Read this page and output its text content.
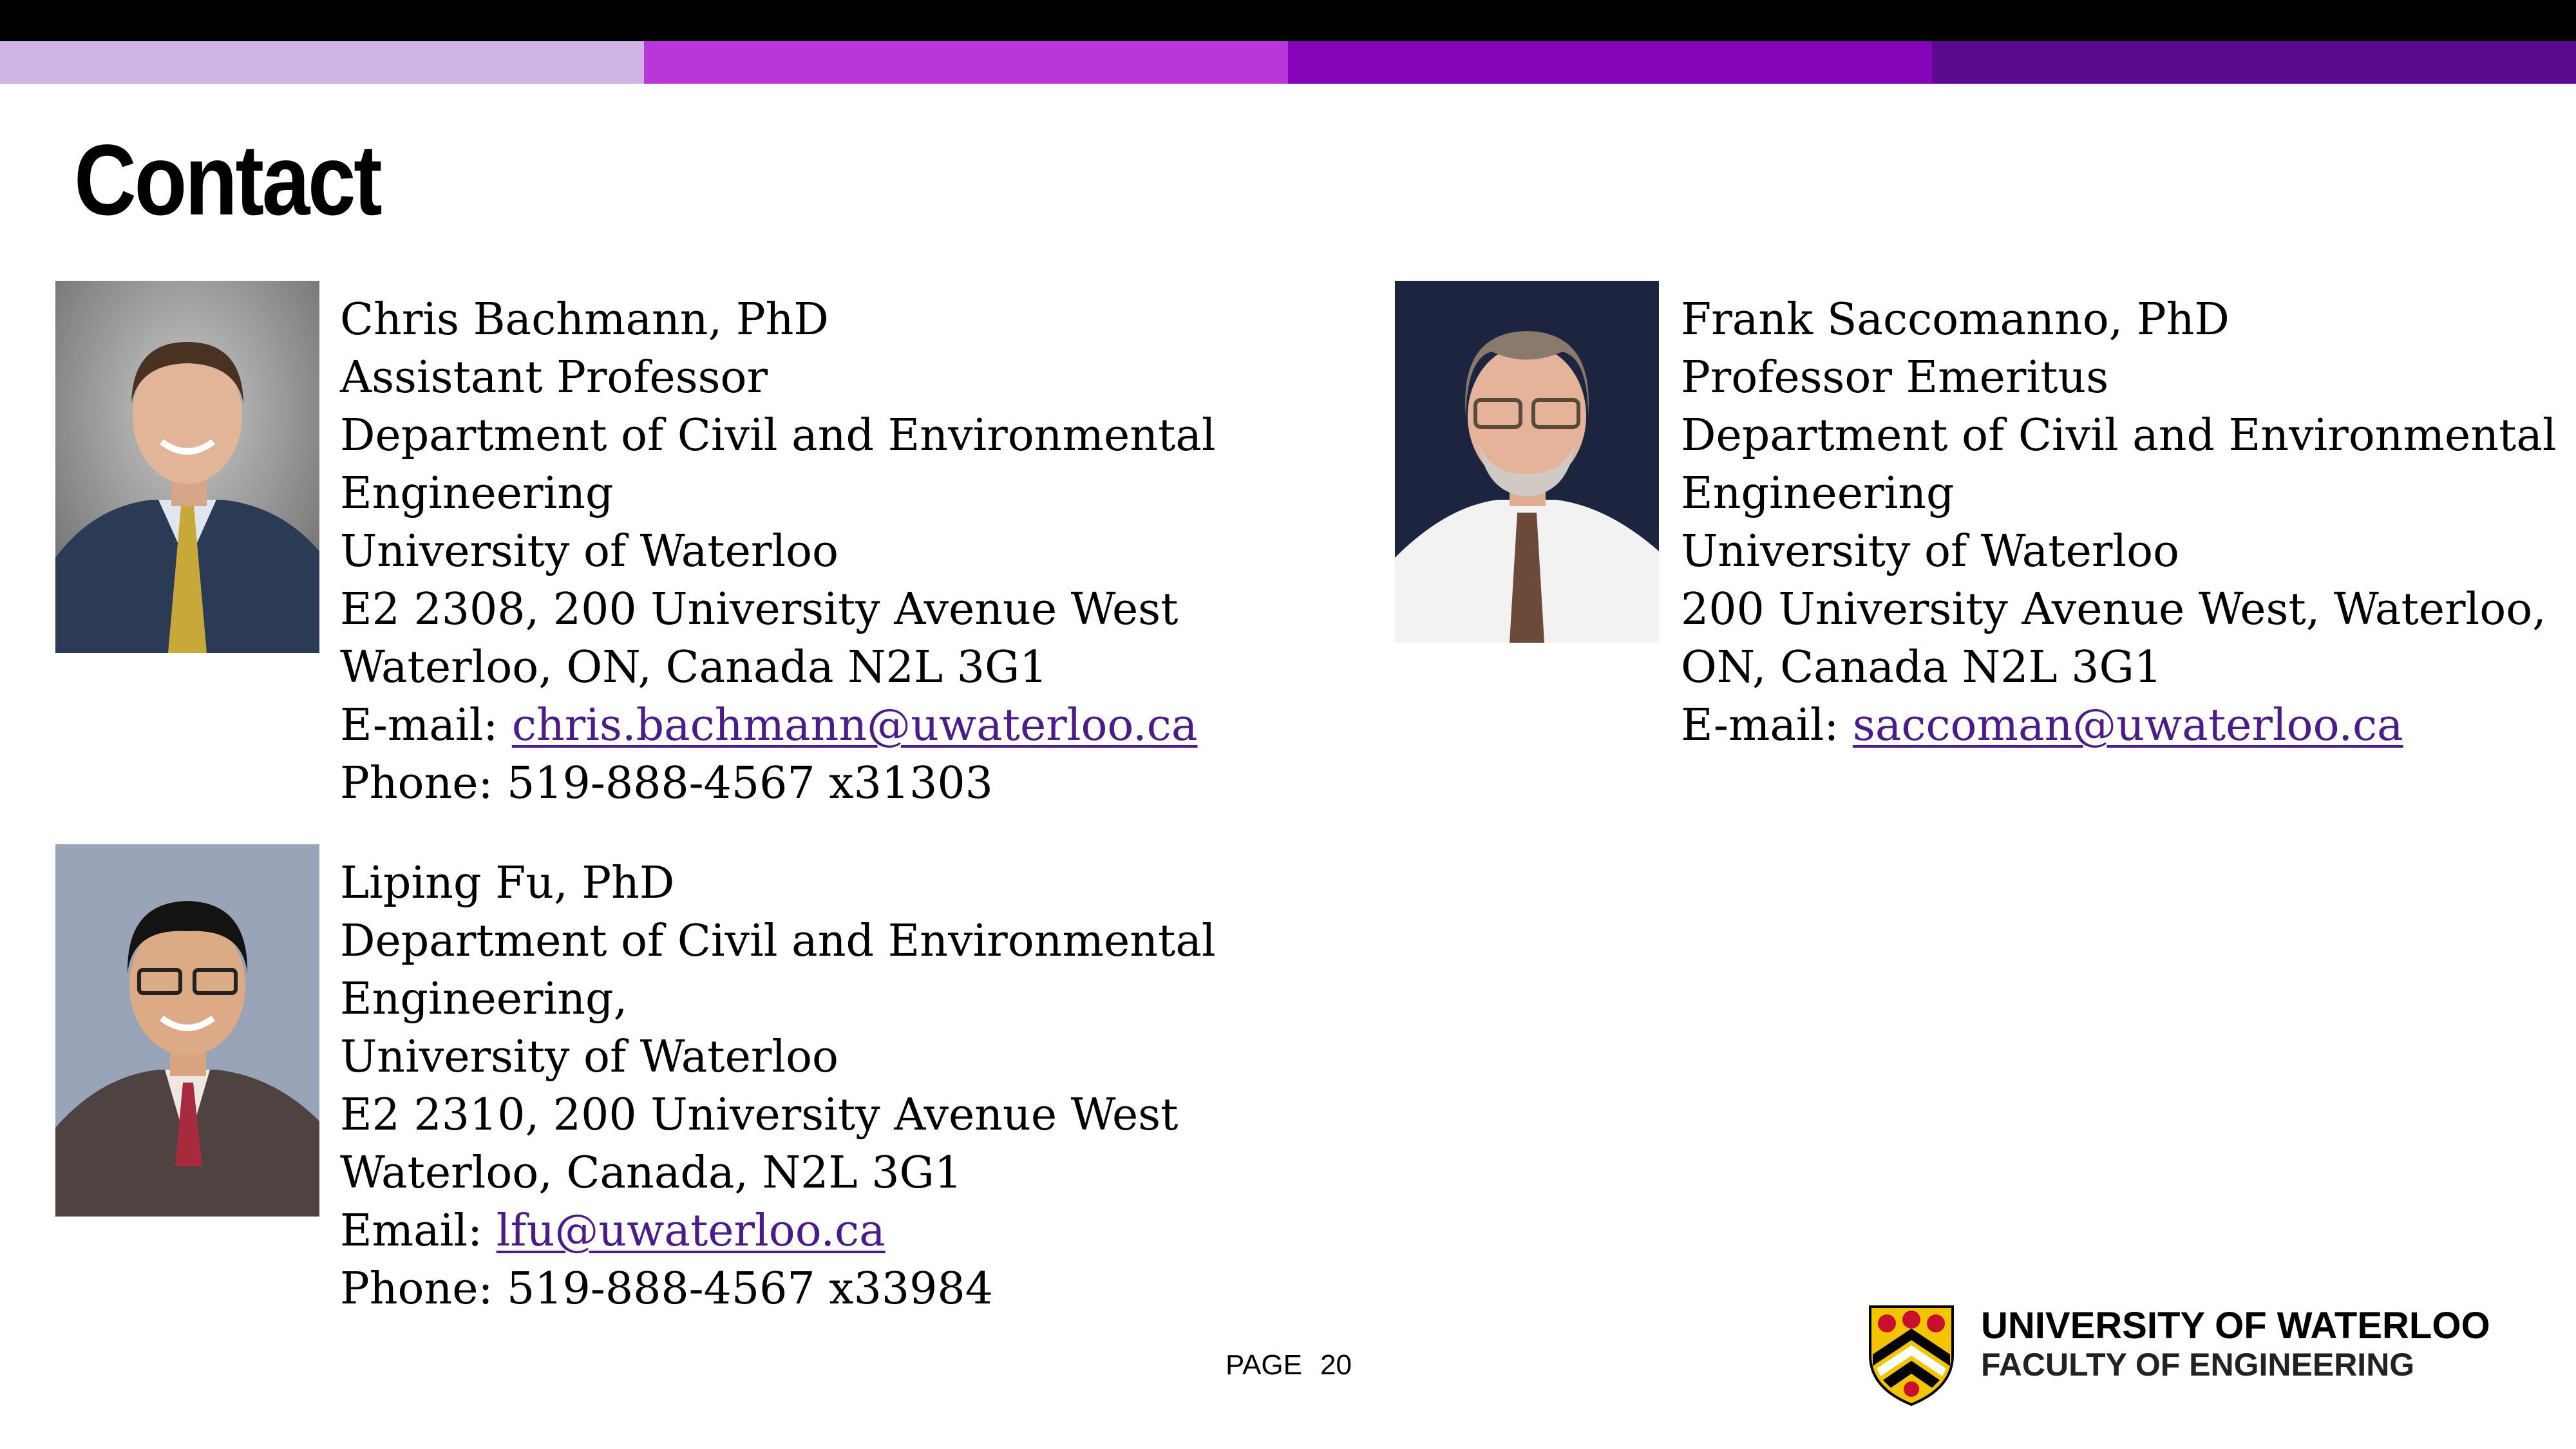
Contact
Chris Bachmann, PhD
Assistant Professor
Department of Civil and Environmental
Engineering
University of Waterloo
E2 2308, 200 University Avenue West
Waterloo, ON, Canada N2L 3G1
E-mail: chris.bachmann@uwaterloo.ca
Phone: 519-888-4567 x31303
Liping Fu, PhD
Department of Civil and Environmental
Engineering,
University of Waterloo
E2 2310, 200 University Avenue West
Waterloo, Canada, N2L 3G1
Email: lfu@uwaterloo.ca
Phone: 519-888-4567 x33984
Frank Saccomanno, PhD
Professor Emeritus
Department of Civil and Environmental
Engineering
University of Waterloo
200 University Avenue West, Waterloo,
ON, Canada N2L 3G1
E-mail: saccoman@uwaterloo.ca
PAGE 20
UNIVERSITY OF WATERLOO
FACULTY OF ENGINEERING
